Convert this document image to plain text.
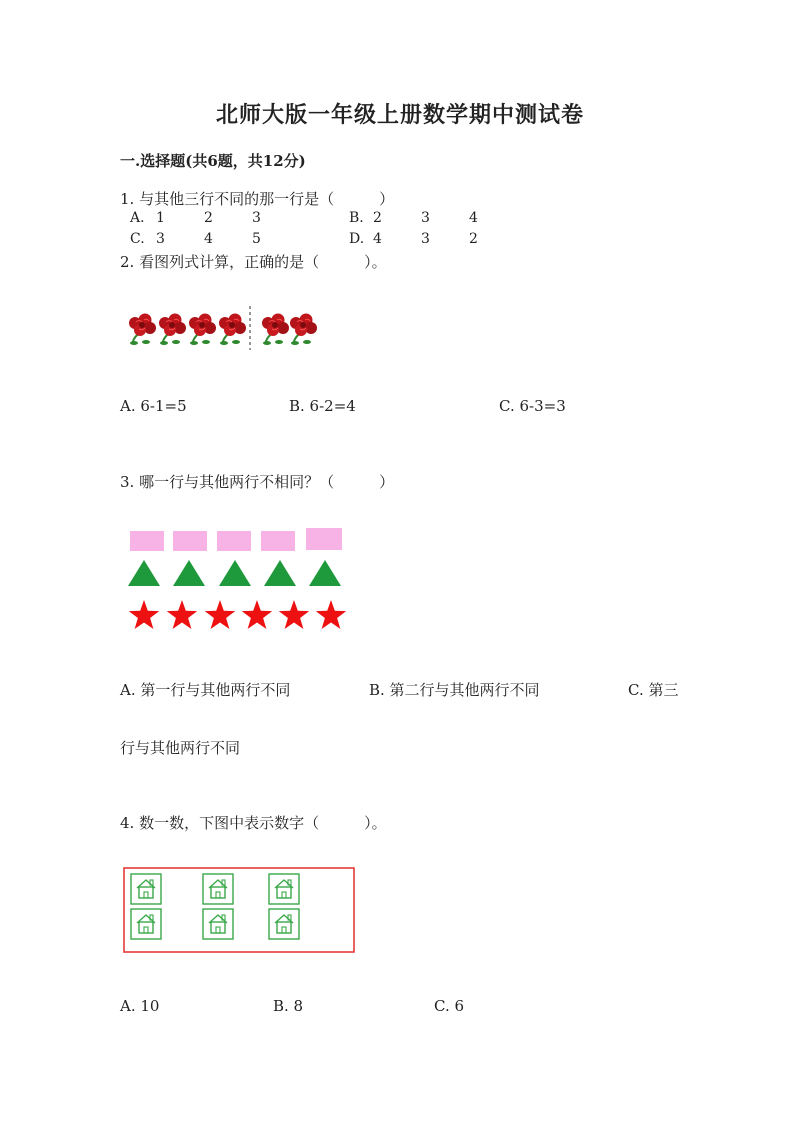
北师大版一年级上册数学期中测试卷
一.选择题(共6题，共12分)
1. 与其他三行不同的那一行是（　　　）
A. 1	2	3	B. 2	3	4
C. 3	4	5	D. 4	3	2
2. 看图列式计算，正确的是（　　　）。
A. 6-1=5	B. 6-2=4	C. 6-3=3
3. 哪一行与其他两行不相同？（　　　）
A. 第一行与其他两行不同	B. 第二行与其他两行不同	C. 第三
行与其他两行不同
4. 数一数，下图中表示数字（　　　）。
A. 10	B. 8	C. 6
